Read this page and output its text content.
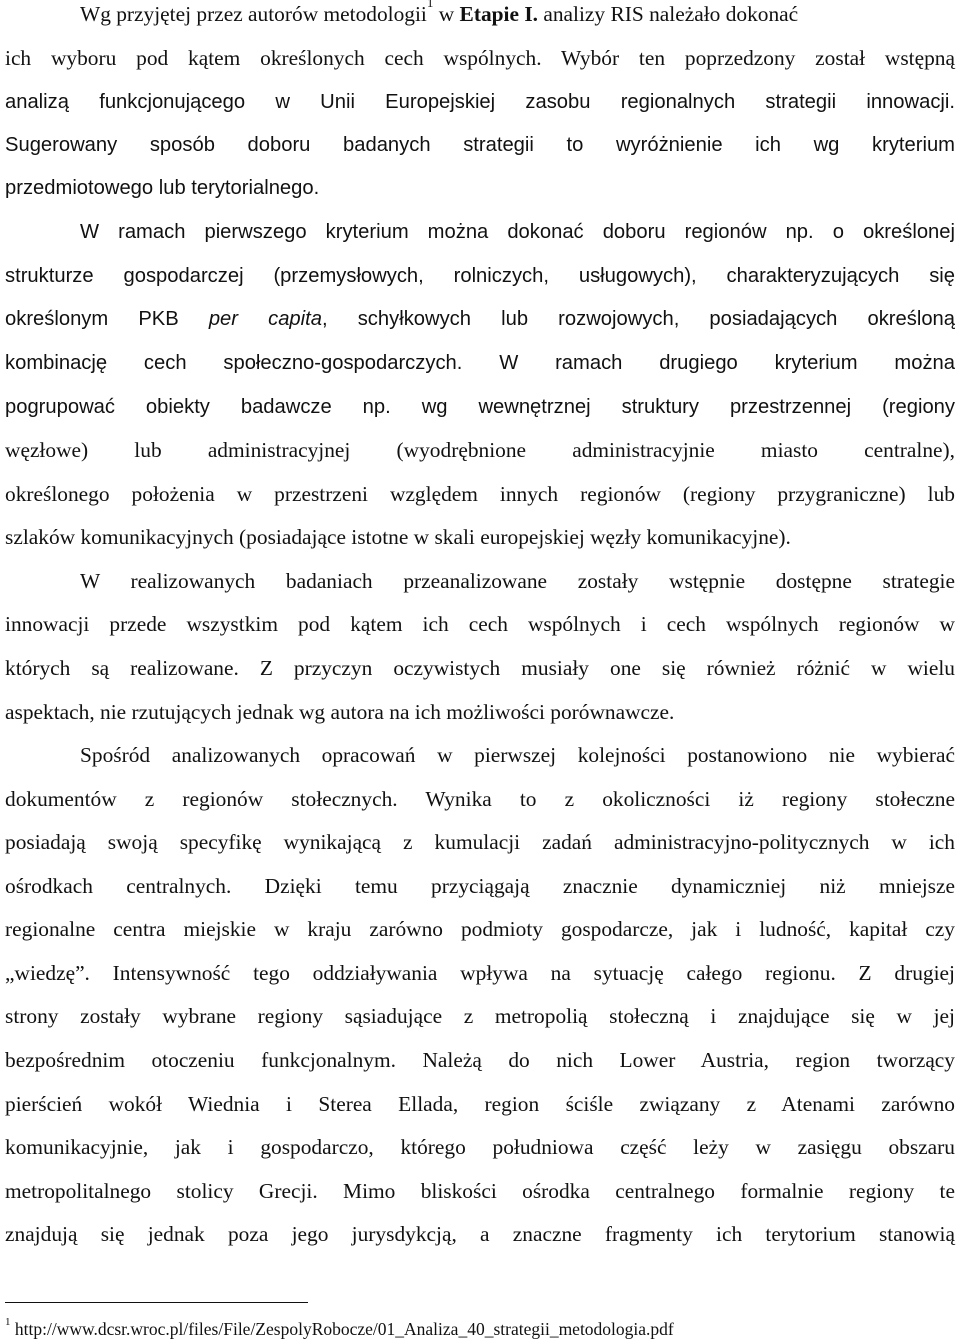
Wg przyjętej przez autorów metodologii$^1$ w Etapie I. analizy RIS należało dokonać
ich wyboru pod kątem określonych cech wspólnych. Wybór ten poprzedzony został wstępną
analizą funkcjonującego w Unii Europejskiej zasobu regionalnych strategii innowacji.
Sugerowany sposób doboru badanych strategii to wyróżnienie ich wg kryterium
przedmiotowego lub terytorialnego.
W ramach pierwszego kryterium można dokonać doboru regionów np. o określonej
strukturze gospodarczej (przemysłowych, rolniczych, usługowych), charakteryzujących się
określonym PKB per capita, schyłkowych lub rozwojowych, posiadających określoną
kombinację cech społeczno-gospodarczych. W ramach drugiego kryterium można
pogrupować obiekty badawcze np. wg wewnętrznej struktury przestrzennej (regiony
węzłowe) lub administracyjnej (wyodrębnione administracyjnie miasto centralne),
określonego położenia w przestrzeni względem innych regionów (regiony przygraniczne) lub
szlaków komunikacyjnych (posiadające istotne w skali europejskiej węzły komunikacyjne).
W realizowanych badaniach przeanalizowane zostały wstępnie dostępne strategie
innowacji przede wszystkim pod kątem ich cech wspólnych i cech wspólnych regionów w
których są realizowane. Z przyczyn oczywistych musiały one się również różnić w wielu
aspektach, nie rzutujących jednak wg autora na ich możliwości porównawcze.
Spośród analizowanych opracowań w pierwszej kolejności postanowiono nie wybierać
dokumentów z regionów stołecznych. Wynika to z okoliczności iż regiony stołeczne
posiadają swoją specyfikę wynikającą z kumulacji zadań administracyjno-politycznych w ich
ośrodkach centralnych. Dzięki temu przyciągają znacznie dynamiczniej niż mniejsze
regionalne centra miejskie w kraju zarówno podmioty gospodarcze, jak i ludność, kapitał czy
„wiedzę”. Intensywność tego oddziaływania wpływa na sytuację całego regionu. Z drugiej
strony zostały wybrane regiony sąsiadujące z metropolią stołeczną i znajdujące się w jej
bezpośrednim otoczeniu funkcjonalnym. Należą do nich Lower Austria, region tworzący
pierścień wokół Wiednia i Sterea Ellada, region ściśle związany z Atenami zarówno
komunikacyjnie, jak i gospodarczo, którego południowa część leży w zasięgu obszaru
metropolitalnego stolicy Grecji. Mimo bliskości ośrodka centralnego formalnie regiony te
znajdują się jednak poza jego jurysdykcją, a znaczne fragmenty ich terytorium stanowią
$^1$ http://www.dcsr.wroc.pl/files/File/ZespolyRobocze/01_Analiza_40_strategii_metodologia.pdf
